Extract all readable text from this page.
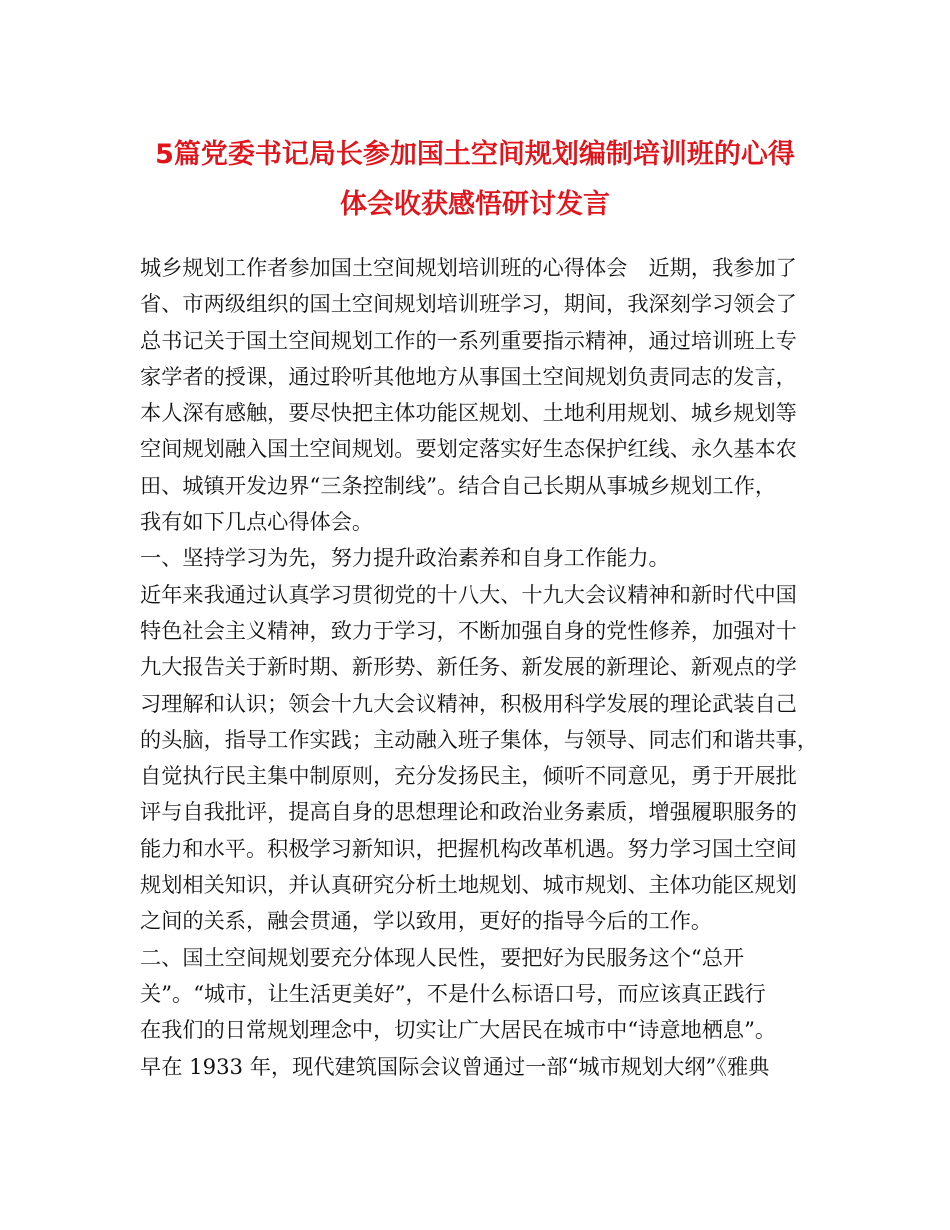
5篇党委书记局长参加国土空间规划编制培训班的心得
体会收获感悟研讨发言
城乡规划工作者参加国土空间规划培训班的心得体会　近期，我参加了
省、市两级组织的国土空间规划培训班学习，期间，我深刻学习领会了
总书记关于国土空间规划工作的一系列重要指示精神，通过培训班上专
家学者的授课，通过聆听其他地方从事国土空间规划负责同志的发言，
本人深有感触，要尽快把主体功能区规划、土地利用规划、城乡规划等
空间规划融入国土空间规划。要划定落实好生态保护红线、永久基本农
田、城镇开发边界“三条控制线”。结合自己长期从事城乡规划工作，
我有如下几点心得体会。
一、坚持学习为先，努力提升政治素养和自身工作能力。
近年来我通过认真学习贯彻党的十八大、十九大会议精神和新时代中国
特色社会主义精神，致力于学习，不断加强自身的党性修养，加强对十
九大报告关于新时期、新形势、新任务、新发展的新理论、新观点的学
习理解和认识；领会十九大会议精神，积极用科学发展的理论武装自己
的头脑，指导工作实践；主动融入班子集体，与领导、同志们和谐共事，
自觉执行民主集中制原则，充分发扬民主，倾听不同意见，勇于开展批
评与自我批评，提高自身的思想理论和政治业务素质，增强履职服务的
能力和水平。积极学习新知识，把握机构改革机遇。努力学习国土空间
规划相关知识，并认真研究分析土地规划、城市规划、主体功能区规划
之间的关系，融会贯通，学以致用，更好的指导今后的工作。
二、国土空间规划要充分体现人民性，要把好为民服务这个“总开
关”。“城市，让生活更美好”，不是什么标语口号，而应该真正践行
在我们的日常规划理念中，切实让广大居民在城市中“诗意地栖息”。
早在 1933 年，现代建筑国际会议曾通过一部“城市规划大纲”《雅典
